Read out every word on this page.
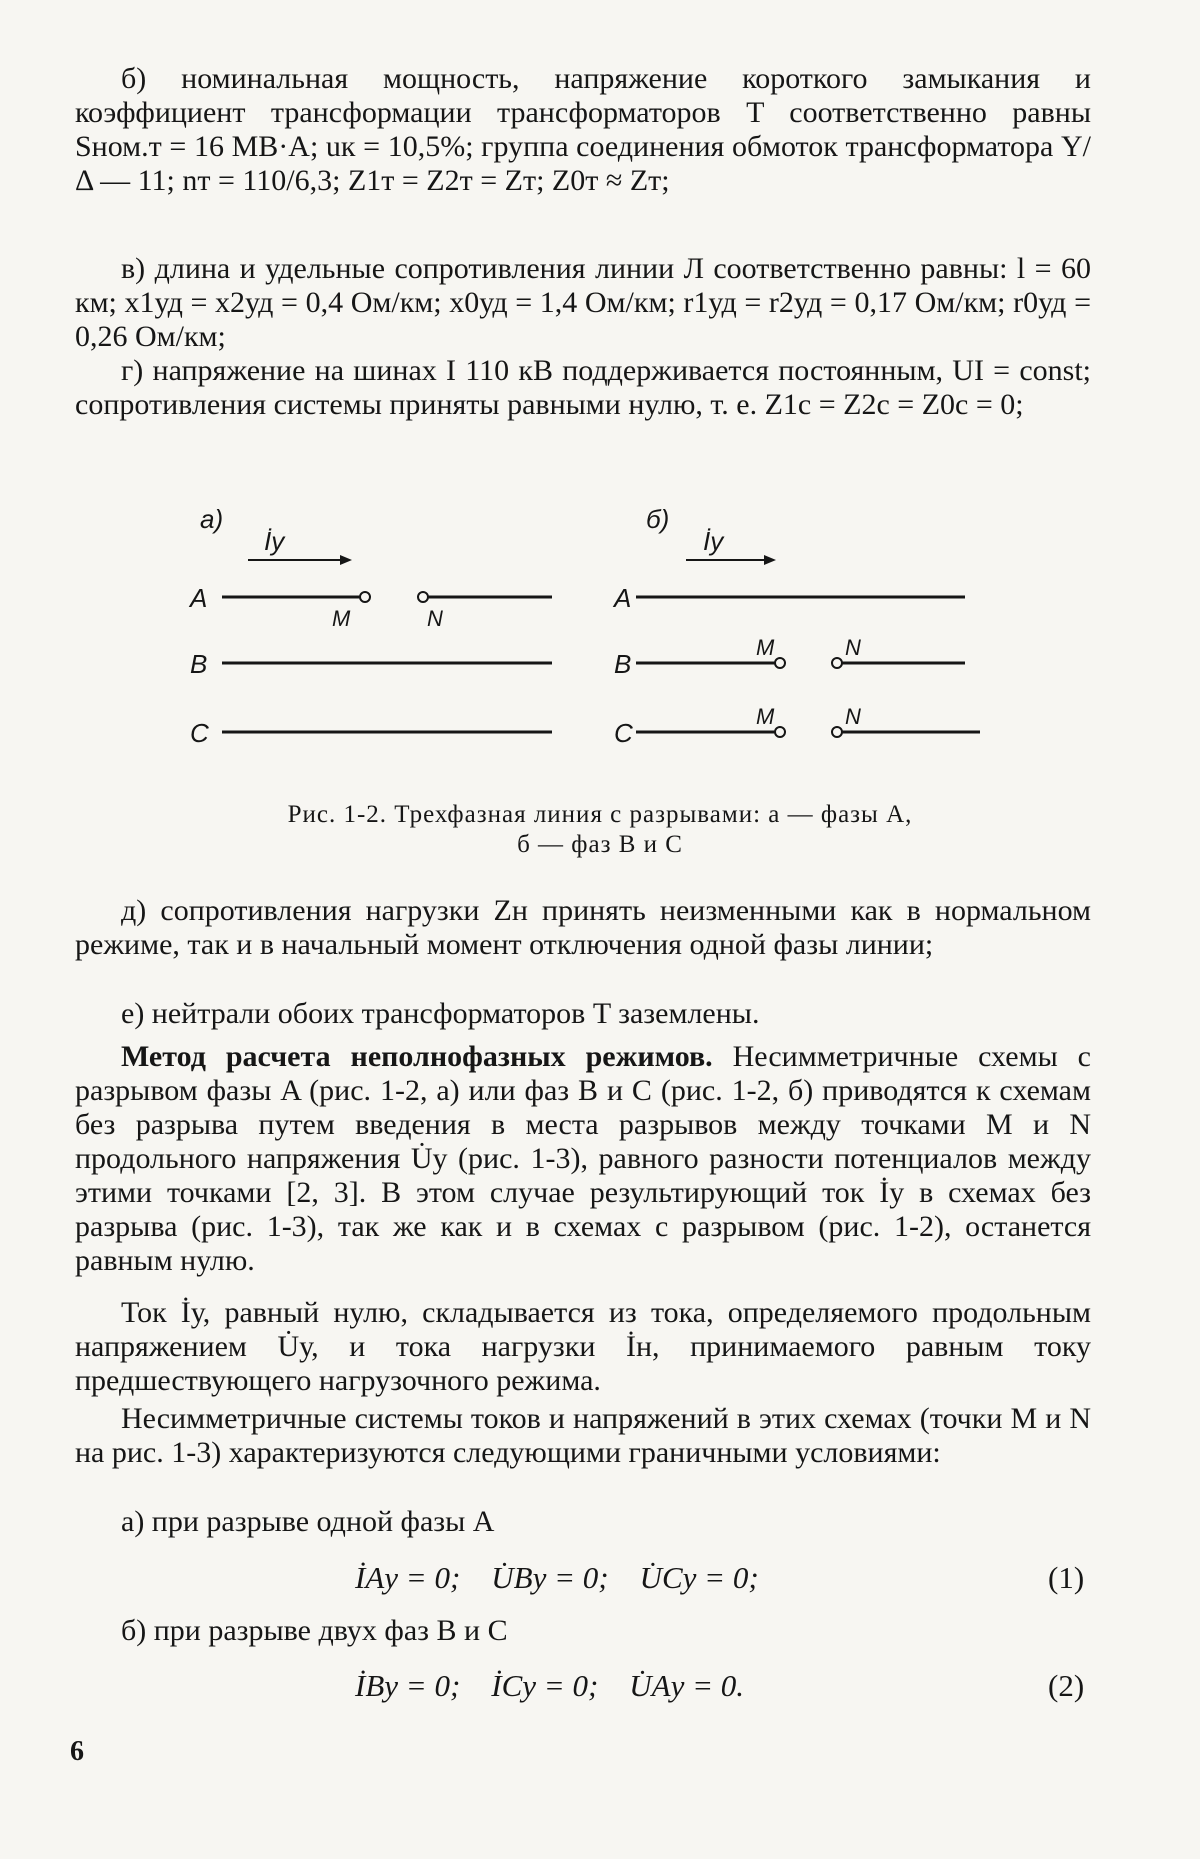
б) номинальная мощность, напряжение короткого замыкания и коэффициент трансформации трансформаторов T соответственно равны Sном.т = 16 МВ·А; uк = 10,5%; группа соединения обмоток трансформатора Y/Δ — 11; nт = 110/6,3; Z1т = Z2т = Zт; Z0т ≈ Zт;

в) длина и удельные сопротивления линии Л соответственно равны: l = 60 км; x1уд = x2уд = 0,4 Ом/км; x0уд = 1,4 Ом/км; r1уд = r2уд = 0,17 Ом/км; r0уд = 0,26 Ом/км;

г) напряжение на шинах I 110 кВ поддерживается постоянным, UI = const; сопротивления системы приняты равными нулю, т. е. Z1с = Z2с = Z0с = 0;

а)
İу
A
M	N
B
C
б)
İу
A
B
M	N
C
M	N
Рис. 1-2. Трехфазная линия с разрывами: а — фазы A,
б — фаз B и C

д) сопротивления нагрузки Zн принять неизменными как в нормальном режиме, так и в начальный момент отключения одной фазы линии;

е) нейтрали обоих трансформаторов T заземлены.

Метод расчета неполнофазных режимов. Несимметричные схемы с разрывом фазы A (рис. 1-2, а) или фаз B и C (рис. 1-2, б) приводятся к схемам без разрыва путем введения в места разрывов между точками M и N продольного напряжения U̇у (рис. 1-3), равного разности потенциалов между этими точками [2, 3]. В этом случае результирующий ток İу в схемах без разрыва (рис. 1-3), так же как и в схемах с разрывом (рис. 1-2), останется равным нулю.

Ток İу, равный нулю, складывается из тока, определяемого продольным напряжением U̇у, и тока нагрузки İн, принимаемого равным току предшествующего нагрузочного режима.

Несимметричные системы токов и напряжений в этих схемах (точки M и N на рис. 1-3) характеризуются следующими граничными условиями:

а) при разрыве одной фазы A

İAу = 0;    U̇Bу = 0;    U̇Cу = 0;	(1)

б) при разрыве двух фаз B и C

İBу = 0;    İCу = 0;    U̇Aу = 0.	(2)
6
